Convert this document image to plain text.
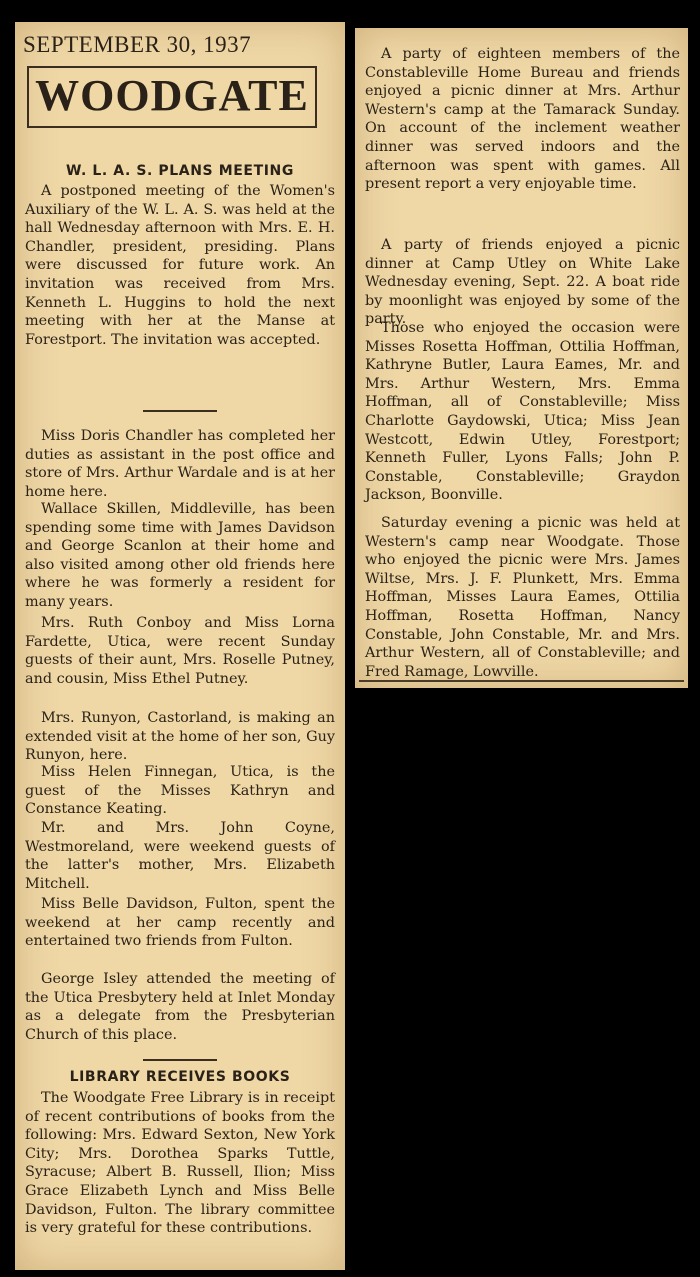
SEPTEMBER 30, 1937
WOODGATE
W. L. A. S. PLANS MEETING

A postponed meeting of the Women's Auxiliary of the W. L. A. S. was held at the hall Wednesday afternoon with Mrs. E. H. Chandler, president, presiding. Plans were discussed for future work. An invitation was received from Mrs. Kenneth L. Huggins to hold the next meeting with her at the Manse at Forestport. The invitation was accepted.

Miss Doris Chandler has completed her duties as assistant in the post office and store of Mrs. Arthur Wardale and is at her home here.

Wallace Skillen, Middleville, has been spending some time with James Davidson and George Scanlon at their home and also visited among other old friends here where he was formerly a resident for many years.

Mrs. Ruth Conboy and Miss Lorna Fardette, Utica, were recent Sunday guests of their aunt, Mrs. Roselle Putney, and cousin, Miss Ethel Putney.

Mrs. Runyon, Castorland, is making an extended visit at the home of her son, Guy Runyon, here.

Miss Helen Finnegan, Utica, is the guest of the Misses Kathryn and Constance Keating.

Mr. and Mrs. John Coyne, Westmoreland, were weekend guests of the latter's mother, Mrs. Elizabeth Mitchell.

Miss Belle Davidson, Fulton, spent the weekend at her camp recently and entertained two friends from Fulton.

George Isley attended the meeting of the Utica Presbytery held at Inlet Monday as a delegate from the Presbyterian Church of this place.

LIBRARY RECEIVES BOOKS

The Woodgate Free Library is in receipt of recent contributions of books from the following: Mrs. Edward Sexton, New York City; Mrs. Dorothea Sparks Tuttle, Syracuse; Albert B. Russell, Ilion; Miss Grace Elizabeth Lynch and Miss Belle Davidson, Fulton. The library committee is very grateful for these contributions.

A party of eighteen members of the Constableville Home Bureau and friends enjoyed a picnic dinner at Mrs. Arthur Western's camp at the Tamarack Sunday. On account of the inclement weather dinner was served indoors and the afternoon was spent with games. All present report a very enjoyable time.

A party of friends enjoyed a picnic dinner at Camp Utley on White Lake Wednesday evening, Sept. 22. A boat ride by moonlight was enjoyed by some of the party.

Those who enjoyed the occasion were Misses Rosetta Hoffman, Ottilia Hoffman, Kathryne Butler, Laura Eames, Mr. and Mrs. Arthur Western, Mrs. Emma Hoffman, all of Constableville; Miss Charlotte Gaydowski, Utica; Miss Jean Westcott, Edwin Utley, Forestport; Kenneth Fuller, Lyons Falls; John P. Constable, Constableville; Graydon Jackson, Boonville.

Saturday evening a picnic was held at Western's camp near Woodgate. Those who enjoyed the picnic were Mrs. James Wiltse, Mrs. J. F. Plunkett, Mrs. Emma Hoffman, Misses Laura Eames, Ottilia Hoffman, Rosetta Hoffman, Nancy Constable, John Constable, Mr. and Mrs. Arthur Western, all of Constableville; and Fred Ramage, Lowville.
